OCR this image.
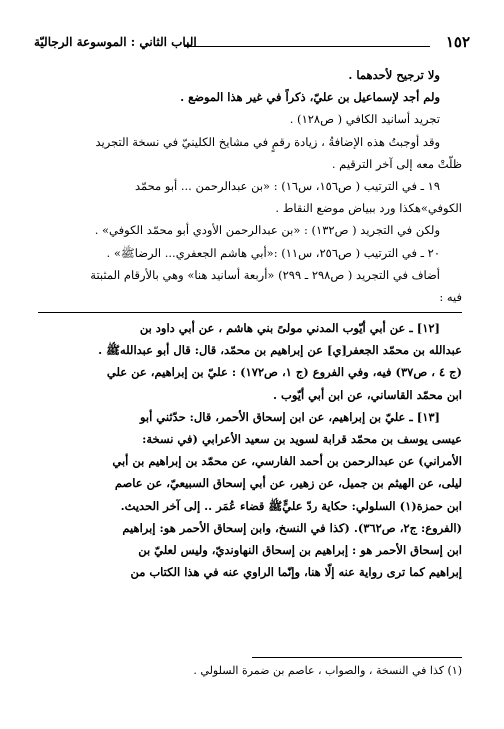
١٥٢
الباب الثاني : الموسوعة الرجاليّة
ولا ترجيح لأحدهما .
ولم أجد لإسماعيل بن عليّ، ذكراً في غير هذا الموضع .
تجريد أسانيد الكافي ( ص١٢٨) .
وقد أوجبتُ هذه الإضافةُ ، زيادة رقمٍ في مشايخ الكلينيّ في نسخة التجريد
ظلّتْ معه إلى آخر الترقيم .
١٩ ـ في الترتيب ( ص١٥٦، س١٦) : «بن عبدالرحمن ... أبو محمّد
الكوفي»هكذا ورد ببياض موضع النقاط .
ولكن في التجريد ( ص١٣٢) : «بن عبدالرحمن الأودي أبو محمّد الكوفي» .
٢٠ ـ في الترتيب ( ص٢٥٦، س١١) :«أبي هاشم الجعفري... الرضاﷺ» .
أضاف في التجريد ( ص٢٩٨ ـ ٢٩٩) «أربعة أسانيد هنا» وهي بالأرقام المثبتة
فيه :
[١٢] ـ عن أبي أيّوب المدني مولىً بني هاشم ، عن أبي داود بن
عبدالله بن محمّد الجعفر[ي] عن إبراهيم بن محمّد، قال: قال أبو عبداللهﷺ .
(ج ٤ ، ص٣٧) فيه، وفي الفروع (ج ١، ص١٧٢) : عليّ بن إبراهيم، عن علي
ابن محمّد القاساني، عن ابن أبي أيّوب .
[١٣] ـ عليّ بن إبراهيم، عن ابن إسحاق الأحمر، قال: حدّثني أبو
عيسى يوسف بن محمّد قرابة لسويد بن سعيد الأعرابي (في نسخة:
الأمراني) عن عبدالرحمن بن أحمد الفارسي، عن محمّد بن إبراهيم بن أبي
ليلى، عن الهيثم بن جميل، عن زهير، عن أبي إسحاق السبيعيّ، عن عاصم
ابن حمزة(١) السلولي: حكاية ردّ عليٍّﷺ قضاء عُمَر .. إلى آخر الحديث.
(الفروع: ج٢، ص٣٦٢). (كذا في النسخ، وابن إسحاق الأحمر هو: إبراهيم
ابن إسحاق الأحمر هو : إبراهيم بن إسحاق النهاونديّ، وليس لعليّ بن
إبراهيم كما ترى رواية عنه إلّا هنا، وإنّما الراوي عنه في هذا الكتاب من
(١) كذا في النسخة ، والصواب ، عاصم بن ضمرة السلولي .
